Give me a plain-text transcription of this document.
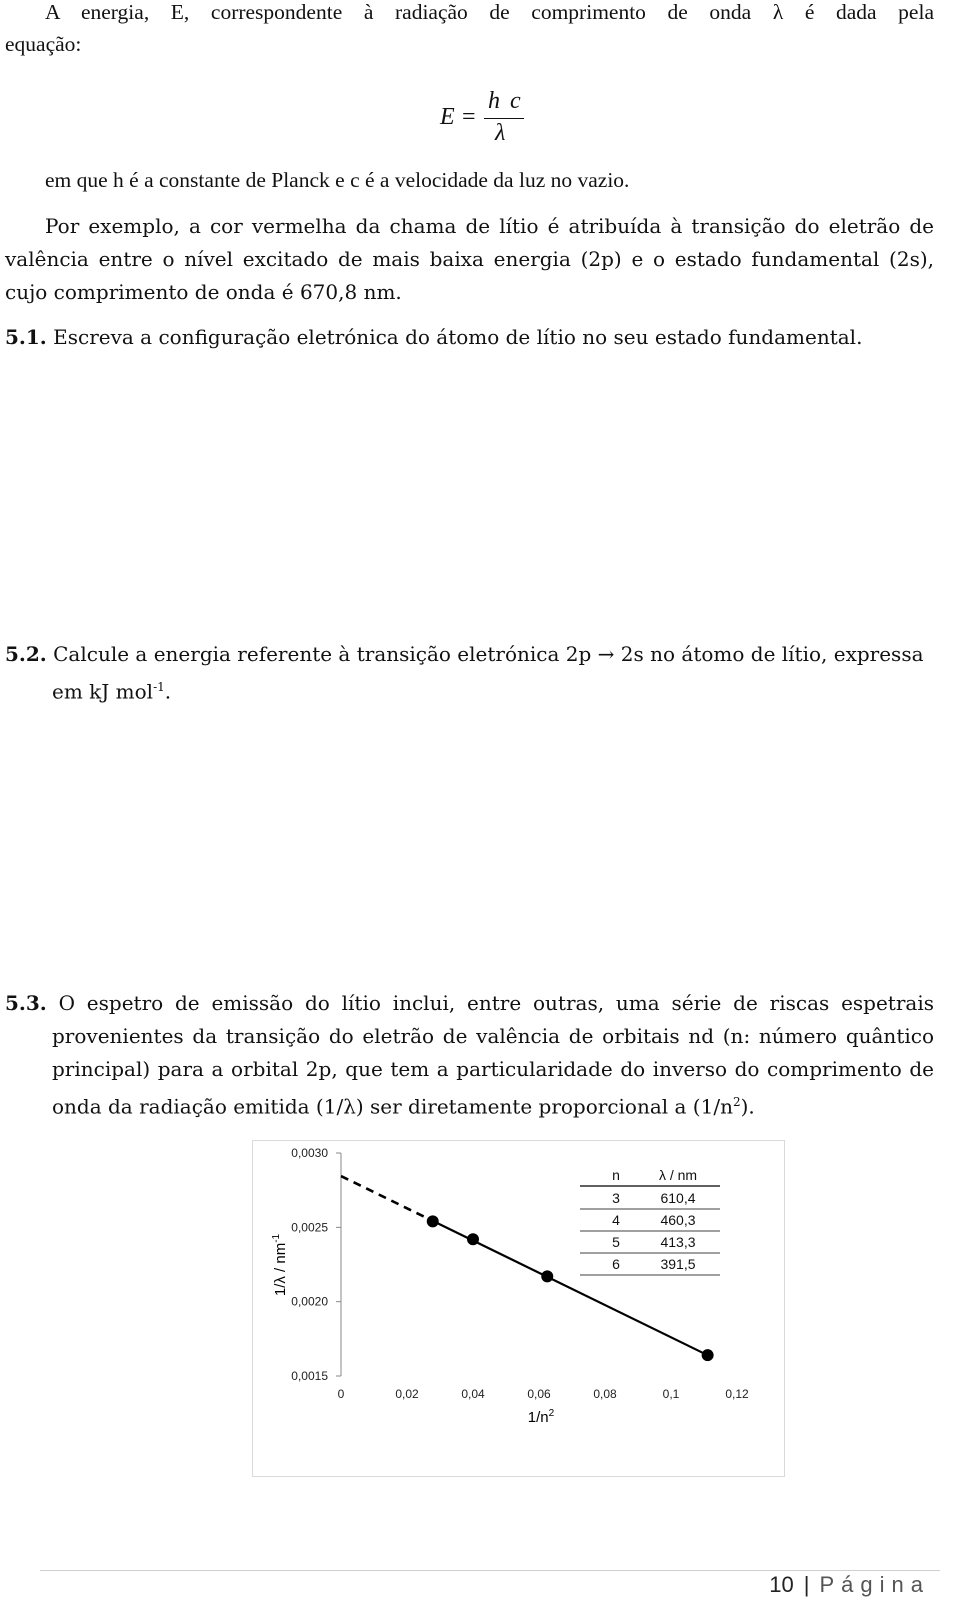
A energia, E, correspondente à radiação de comprimento de onda λ é dada pela

equação:

E =
h c
λ

em que h é a constante de Planck e c é a velocidade da luz no vazio.

Por exemplo, a cor vermelha da chama de lítio é atribuída à transição do eletrão de

valência entre o nível excitado de mais baixa energia (2p) e o estado fundamental (2s),

cujo comprimento de onda é 670,8 nm.

5.1. Escreva a configuração eletrónica do átomo de lítio no seu estado fundamental.

5.2. Calcule a energia referente à transição eletrónica 2p → 2s no átomo de lítio, expressa

em kJ mol$^{-1}$.

5.3. O espetro de emissão do lítio inclui, entre outras, uma série de riscas espetrais

provenientes da transição do eletrão de valência de orbitais nd (n: número quântico

principal) para a orbital 2p, que tem a particularidade do inverso do comprimento de

onda da radiação emitida (1/λ) ser diretamente proporcional a $(1/n^2)$.

0,0015
0,0020
0,0025
0,0030
0	0,02	0,04	0,06	0,08	0,1	0,12
$1/n^2$
$1/\lambda / nm^{-1}$
n	λ / nm
3	610,4
4	460,3
5	413,3
6	391,5
10 | Página
